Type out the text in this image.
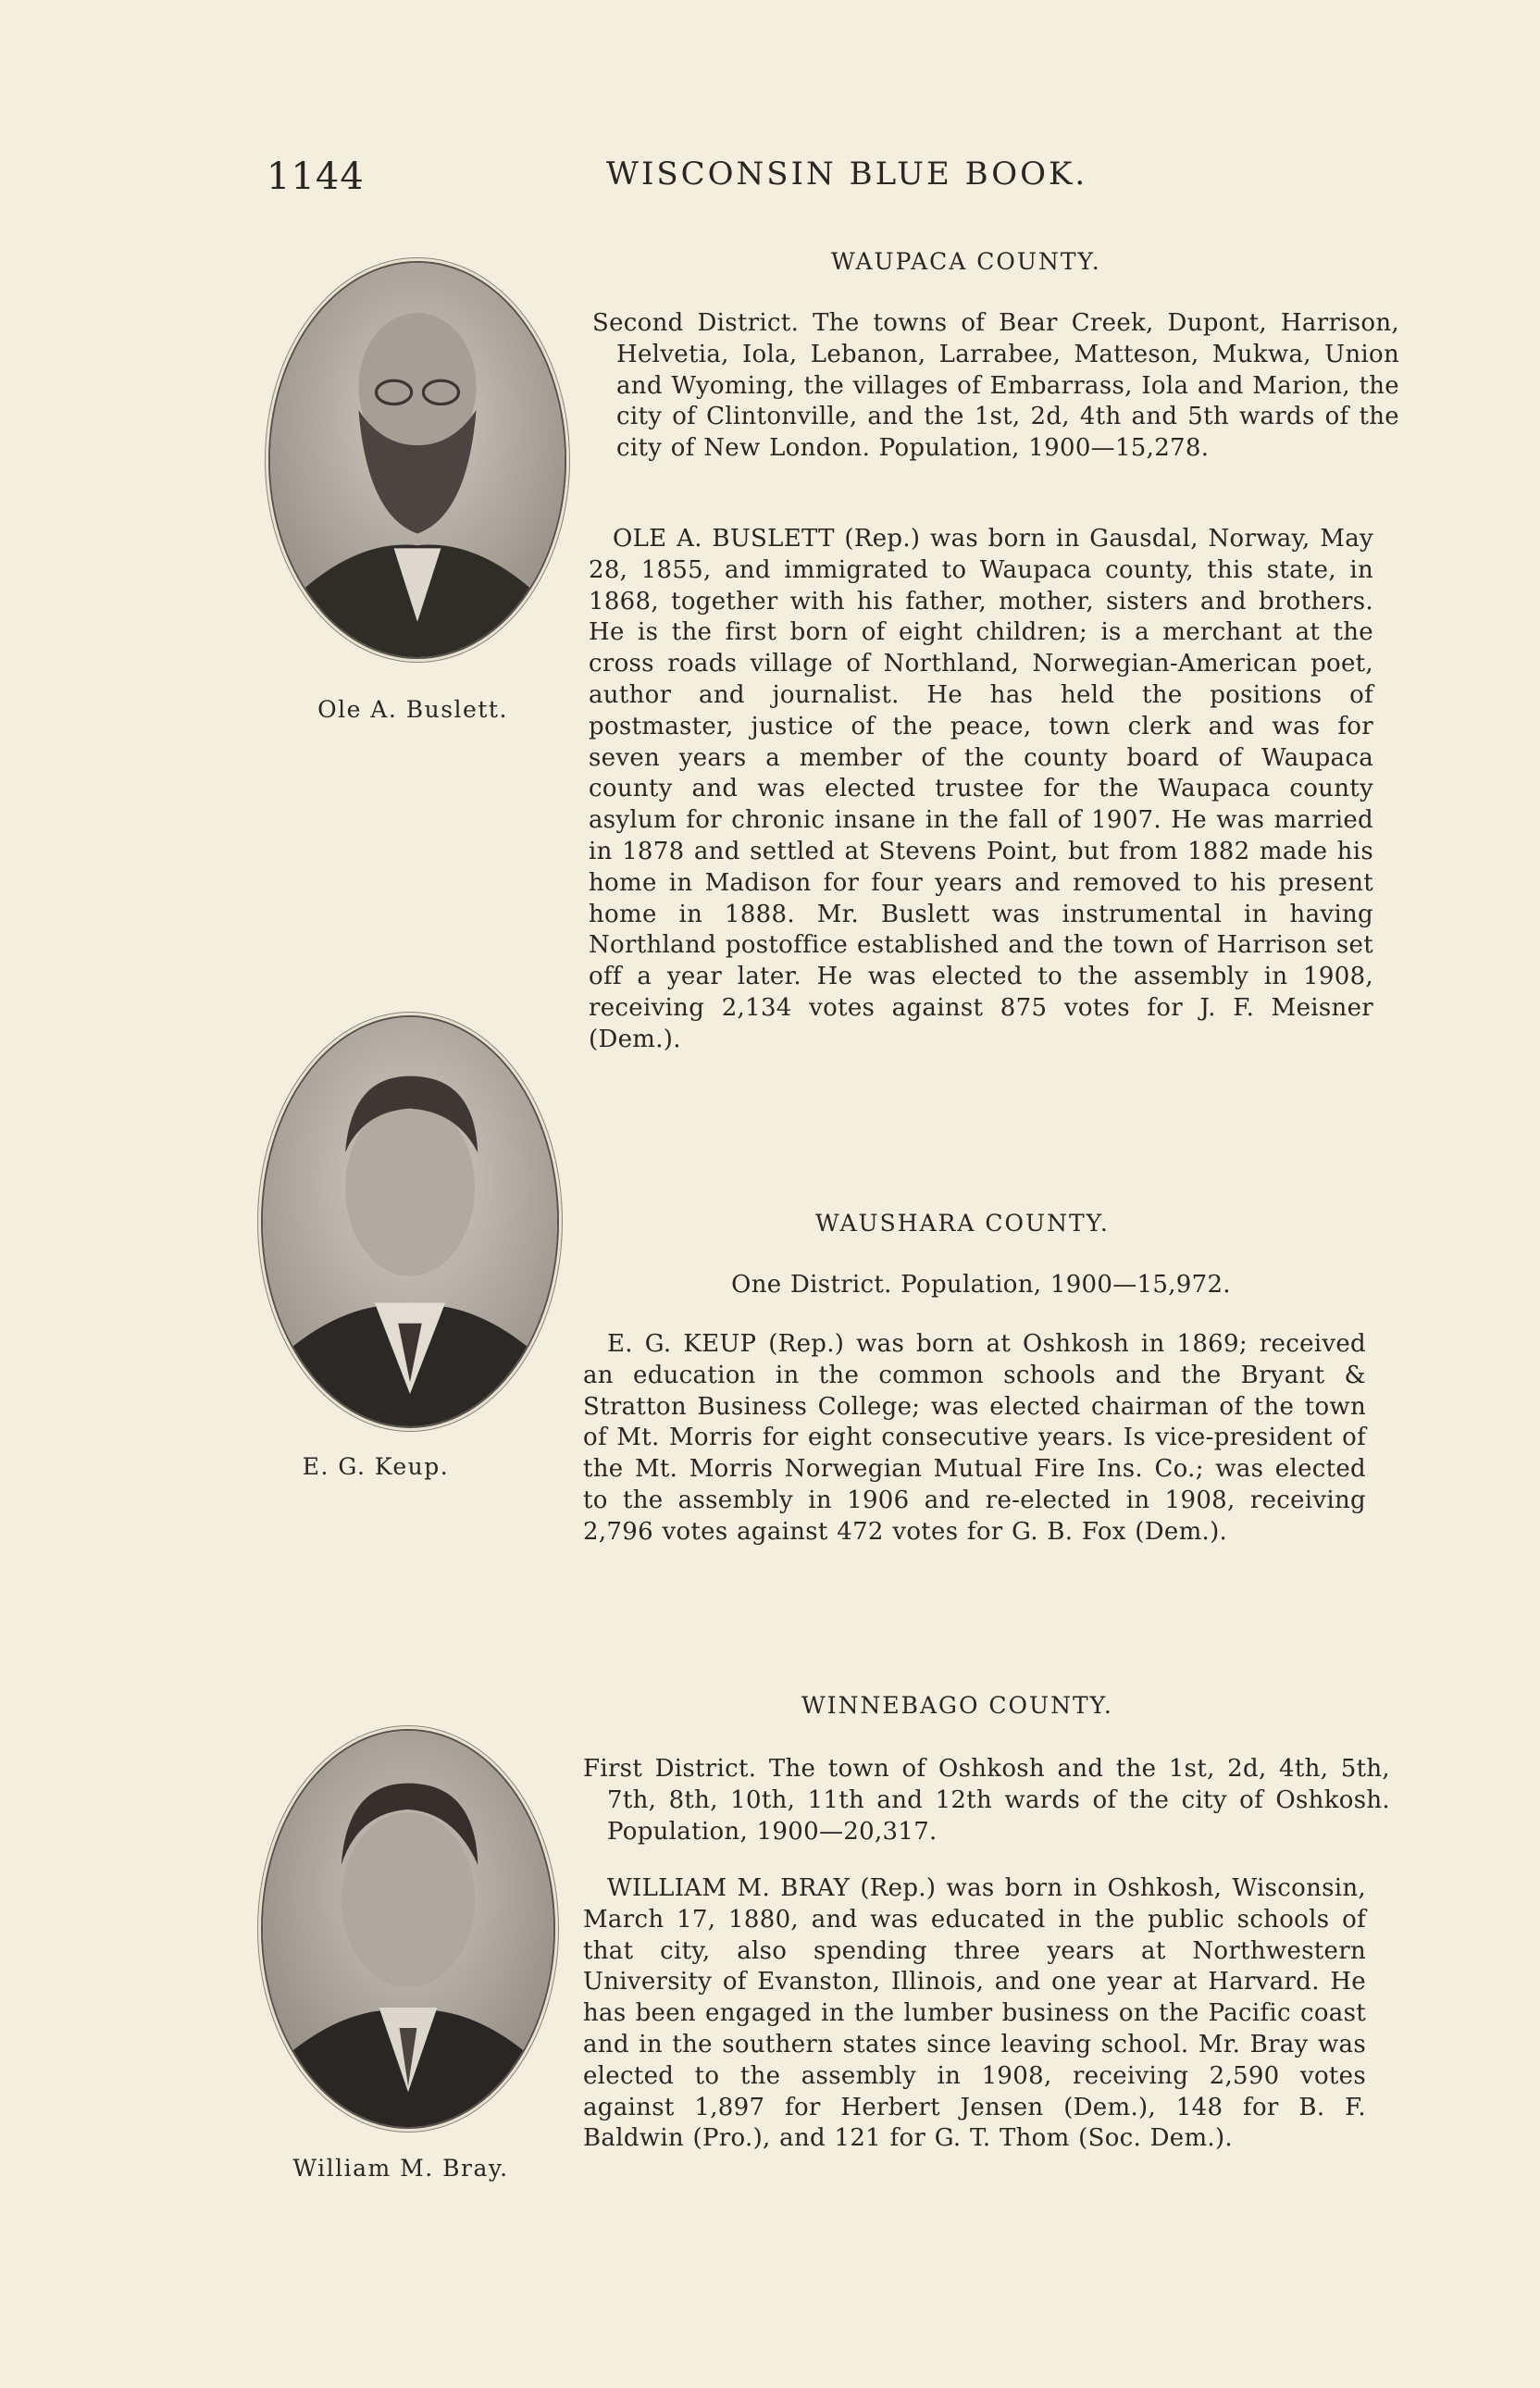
1144	WISCONSIN BLUE BOOK.
Ole A. Buslett.
WAUPACA COUNTY.
Second District. The towns of Bear Creek, Dupont, Harrison, Helvetia, Iola, Lebanon, Larrabee, Matteson, Mukwa, Union and Wyoming, the villages of Embarrass, Iola and Marion, the city of Clintonville, and the 1st, 2d, 4th and 5th wards of the city of New London. Population, 1900—15,278.
OLE A. BUSLETT (Rep.) was born in Gausdal, Norway, May 28, 1855, and immigrated to Waupaca county, this state, in 1868, together with his father, mother, sisters and brothers. He is the first born of eight children; is a merchant at the cross roads village of Northland, Norwegian-American poet, author and journalist. He has held the positions of postmaster, justice of the peace, town clerk and was for seven years a member of the county board of Waupaca county and was elected trustee for the Waupaca county asylum for chronic insane in the fall of 1907. He was married in 1878 and settled at Stevens Point, but from 1882 made his home in Madison for four years and removed to his present home in 1888. Mr. Buslett was instrumental in having Northland postoffice established and the town of Harrison set off a year later. He was elected to the assembly in 1908, receiving 2,134 votes against 875 votes for J. F. Meisner (Dem.).
E. G. Keup.
WAUSHARA COUNTY.
One District. Population, 1900—15,972.
E. G. KEUP (Rep.) was born at Oshkosh in 1869; received an education in the common schools and the Bryant & Stratton Business College; was elected chairman of the town of Mt. Morris for eight consecutive years. Is vice-president of the Mt. Morris Norwegian Mutual Fire Ins. Co.; was elected to the assembly in 1906 and re-elected in 1908, receiving 2,796 votes against 472 votes for G. B. Fox (Dem.).
William M. Bray.
WINNEBAGO COUNTY.
First District. The town of Oshkosh and the 1st, 2d, 4th, 5th, 7th, 8th, 10th, 11th and 12th wards of the city of Oshkosh. Population, 1900—20,317.
WILLIAM M. BRAY (Rep.) was born in Oshkosh, Wisconsin, March 17, 1880, and was educated in the public schools of that city, also spending three years at Northwestern University of Evanston, Illinois, and one year at Harvard. He has been engaged in the lumber business on the Pacific coast and in the southern states since leaving school. Mr. Bray was elected to the assembly in 1908, receiving 2,590 votes against 1,897 for Herbert Jensen (Dem.), 148 for B. F. Baldwin (Pro.), and 121 for G. T. Thom (Soc. Dem.).
